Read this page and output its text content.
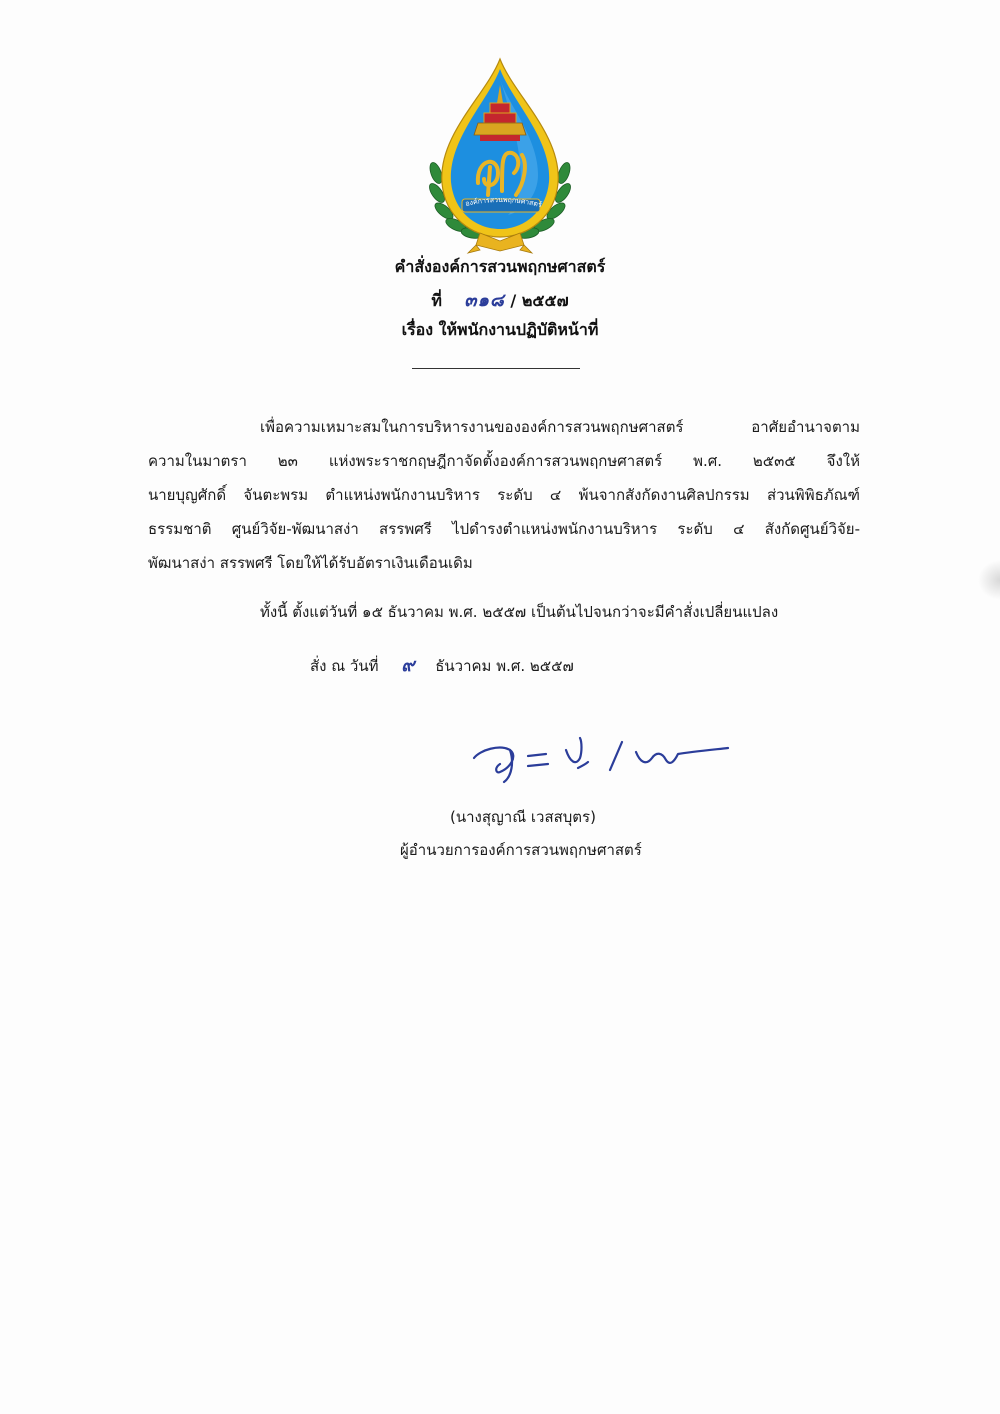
องค์การสวนพฤกษศาสตร์
คำสั่งองค์การสวนพฤกษศาสตร์
ที่ ๓๑๘ / ๒๕๕๗
เรื่อง ให้พนักงานปฏิบัติหน้าที่
เพื่อความเหมาะสมในการบริหารงานขององค์การสวนพฤกษศาสตร์ อาศัยอำนาจตาม
ความในมาตรา ๒๓ แห่งพระราชกฤษฎีกาจัดตั้งองค์การสวนพฤกษศาสตร์ พ.ศ. ๒๕๓๕ จึงให้
นายบุญศักดิ์ จันตะพรม ตำแหน่งพนักงานบริหาร ระดับ ๔ พ้นจากสังกัดงานศิลปกรรม ส่วนพิพิธภัณฑ์
ธรรมชาติ ศูนย์วิจัย-พัฒนาสง่า สรรพศรี ไปดำรงตำแหน่งพนักงานบริหาร ระดับ ๔ สังกัดศูนย์วิจัย-
พัฒนาสง่า สรรพศรี โดยให้ได้รับอัตราเงินเดือนเดิม
ทั้งนี้ ตั้งแต่วันที่ ๑๕ ธันวาคม พ.ศ. ๒๕๕๗ เป็นต้นไปจนกว่าจะมีคำสั่งเปลี่ยนแปลง
สั่ง ณ วันที่ ๙ ธันวาคม พ.ศ. ๒๕๕๗
(นางสุญาณี เวสสบุตร)
ผู้อำนวยการองค์การสวนพฤกษศาสตร์
